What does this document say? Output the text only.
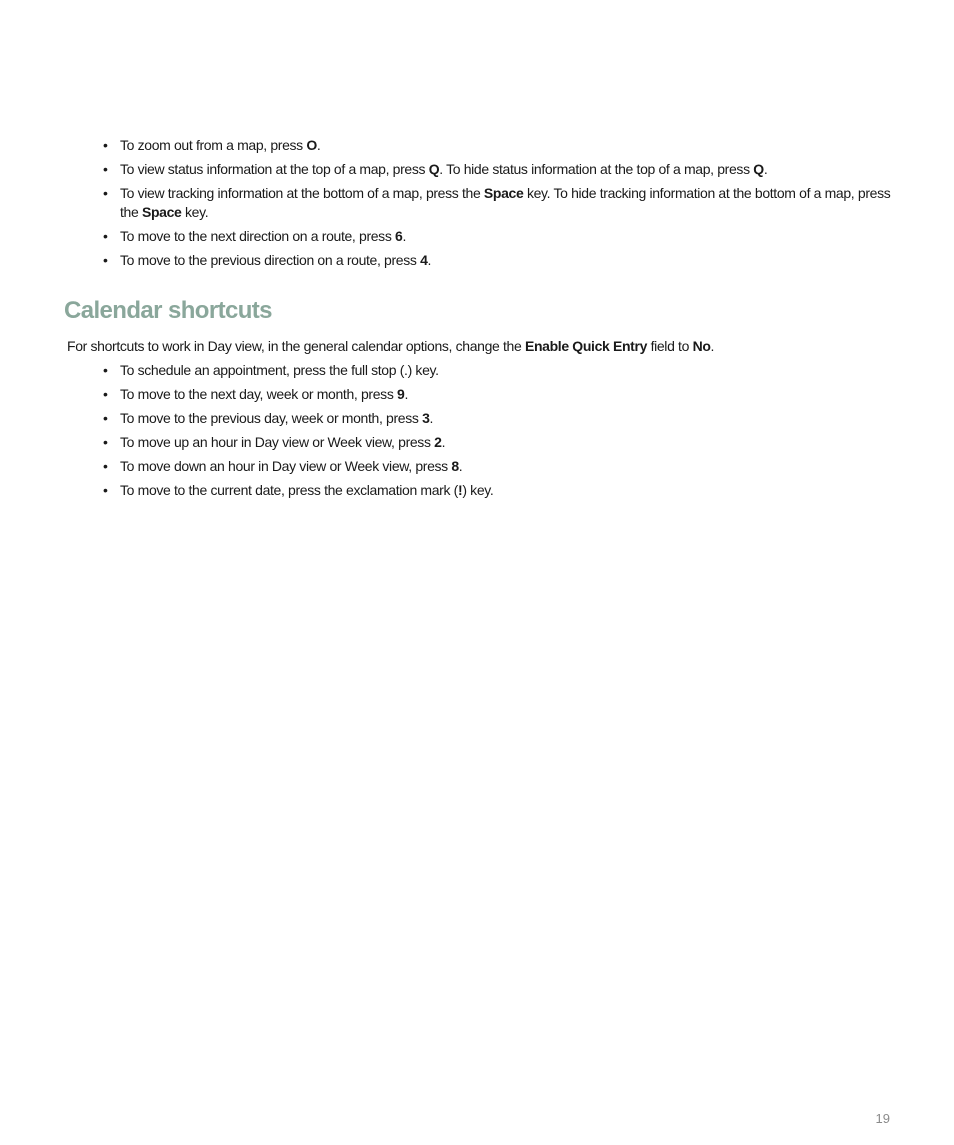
• To zoom out from a map, press O.
• To view status information at the top of a map, press Q. To hide status information at the top of a map, press Q.
• To view tracking information at the bottom of a map, press the Space key. To hide tracking information at the bottom of a map, press the Space key.
• To move to the next direction on a route, press 6.
• To move to the previous direction on a route, press 4.
Calendar shortcuts

For shortcuts to work in Day view, in the general calendar options, change the Enable Quick Entry field to No.

• To schedule an appointment, press the full stop (.) key.
• To move to the next day, week or month, press 9.
• To move to the previous day, week or month, press 3.
• To move up an hour in Day view or Week view, press 2.
• To move down an hour in Day view or Week view, press 8.
• To move to the current date, press the exclamation mark (!) key.
19
